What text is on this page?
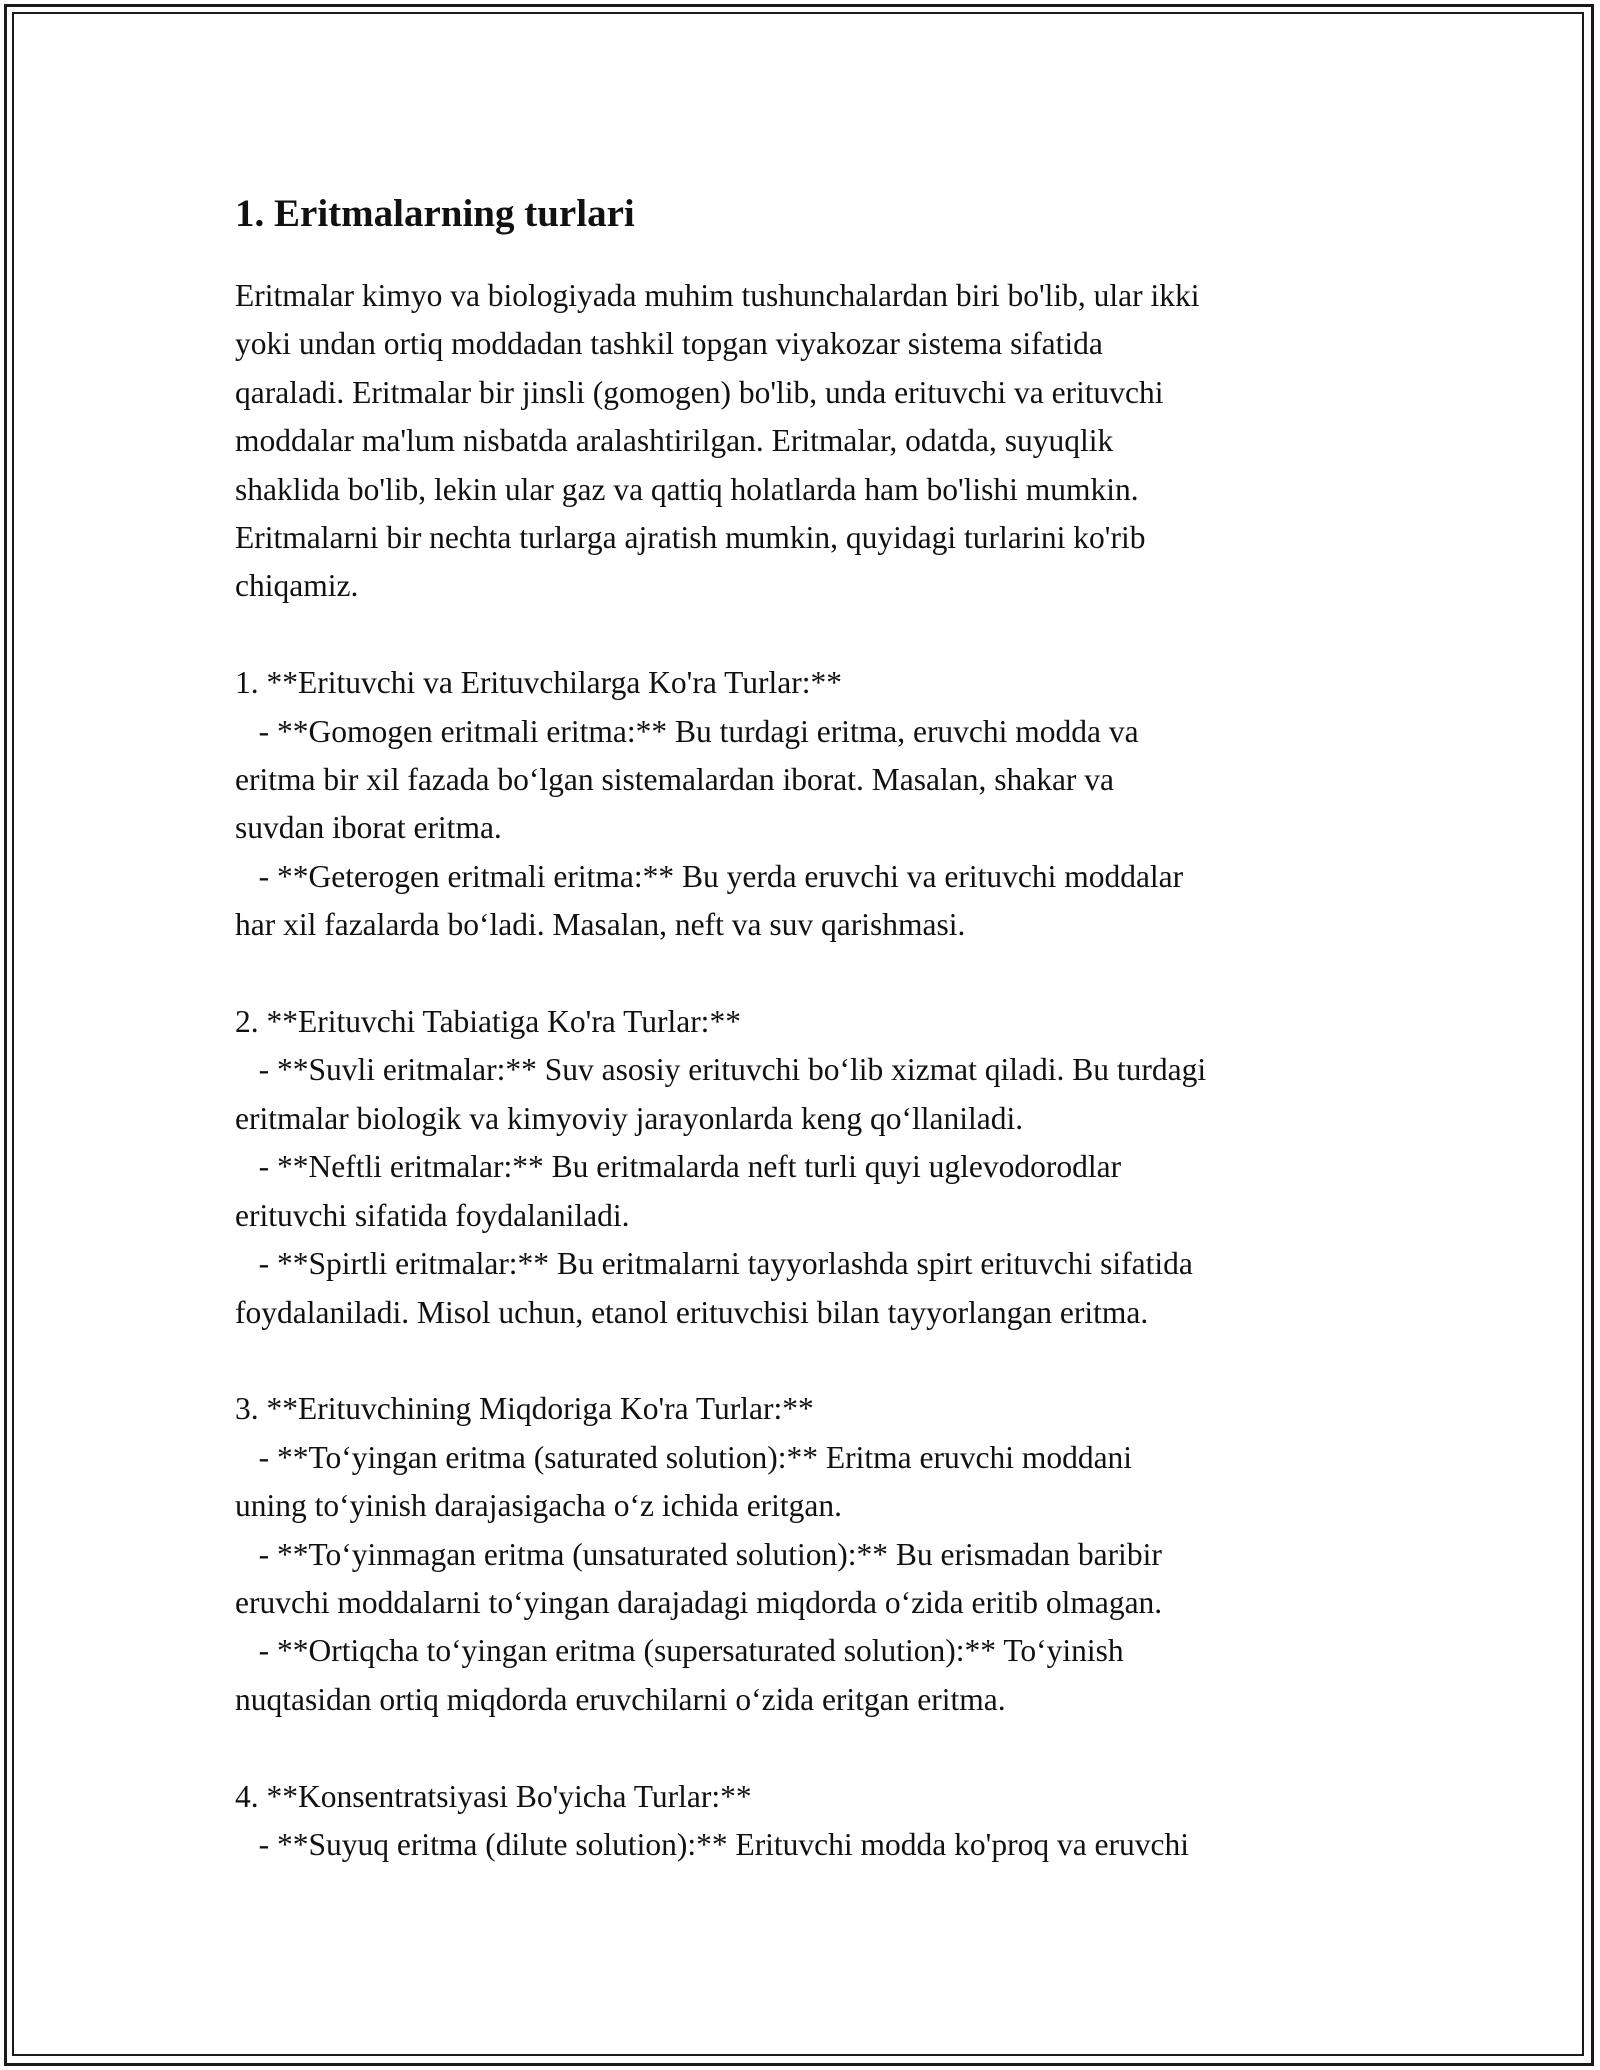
1. Eritmalarning turlari
Eritmalar kimyo va biologiyada muhim tushunchalardan biri bo'lib, ular ikki
yoki undan ortiq moddadan tashkil topgan viyakozar sistema sifatida
qaraladi. Eritmalar bir jinsli (gomogen) bo'lib, unda erituvchi va erituvchi
moddalar ma'lum nisbatda aralashtirilgan. Eritmalar, odatda, suyuqlik
shaklida bo'lib, lekin ular gaz va qattiq holatlarda ham bo'lishi mumkin.
Eritmalarni bir nechta turlarga ajratish mumkin, quyidagi turlarini ko'rib
chiqamiz.
1. **Erituvchi va Erituvchilarga Ko'ra Turlar:**
- **Gomogen eritmali eritma:** Bu turdagi eritma, eruvchi modda va
eritma bir xil fazada bo‘lgan sistemalardan iborat. Masalan, shakar va
suvdan iborat eritma.
- **Geterogen eritmali eritma:** Bu yerda eruvchi va erituvchi moddalar
har xil fazalarda bo‘ladi. Masalan, neft va suv qarishmasi.
2. **Erituvchi Tabiatiga Ko'ra Turlar:**
- **Suvli eritmalar:** Suv asosiy erituvchi bo‘lib xizmat qiladi. Bu turdagi
eritmalar biologik va kimyoviy jarayonlarda keng qo‘llaniladi.
- **Neftli eritmalar:** Bu eritmalarda neft turli quyi uglevodorodlar
erituvchi sifatida foydalaniladi.
- **Spirtli eritmalar:** Bu eritmalarni tayyorlashda spirt erituvchi sifatida
foydalaniladi. Misol uchun, etanol erituvchisi bilan tayyorlangan eritma.
3. **Erituvchining Miqdoriga Ko'ra Turlar:**
- **To‘yingan eritma (saturated solution):** Eritma eruvchi moddani
uning to‘yinish darajasigacha o‘z ichida eritgan.
- **To‘yinmagan eritma (unsaturated solution):** Bu erismadan baribir
eruvchi moddalarni to‘yingan darajadagi miqdorda o‘zida eritib olmagan.
- **Ortiqcha to‘yingan eritma (supersaturated solution):** To‘yinish
nuqtasidan ortiq miqdorda eruvchilarni o‘zida eritgan eritma.
4. **Konsentratsiyasi Bo'yicha Turlar:**
- **Suyuq eritma (dilute solution):** Erituvchi modda ko'proq va eruvchi
